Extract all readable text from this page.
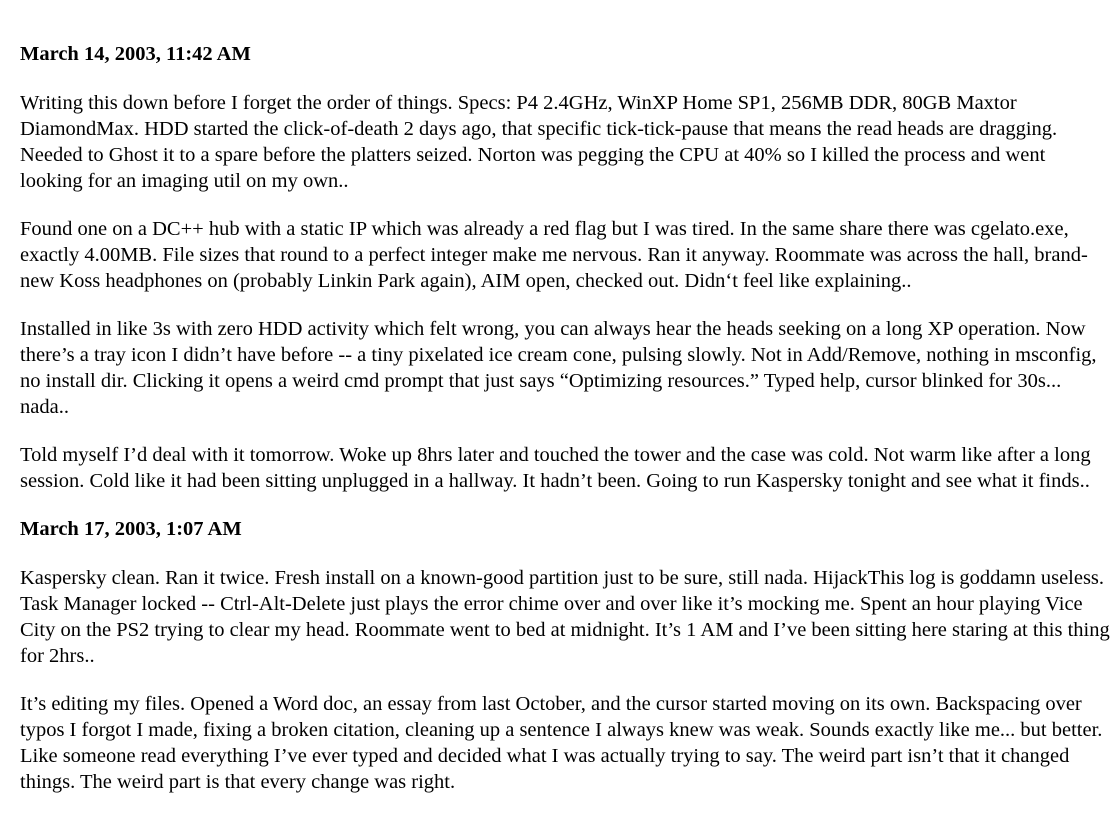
March 14, 2003, 11:42 AM

Writing this down before I forget the order of things. Specs: P4 2.4GHz, WinXP Home SP1, 256MB DDR, 80GB Maxtor DiamondMax. HDD started the click-of-death 2 days ago, that specific tick-tick-pause that means the read heads are dragging. Needed to Ghost it to a spare before the platters seized. Norton was pegging the CPU at 40% so I killed the process and went looking for an imaging util on my own..

Found one on a DC++ hub with a static IP which was already a red flag but I was tired. In the same share there was cgelato.exe, exactly 4.00MB. File sizes that round to a perfect integer make me nervous. Ran it anyway. Roommate was across the hall, brand-new Koss headphones on (probably Linkin Park again), AIM open, checked out. Didn‘t feel like explaining..

Installed in like 3s with zero HDD activity which felt wrong, you can always hear the heads seeking on a long XP operation. Now there’s a tray icon I didn’t have before -- a tiny pixelated ice cream cone, pulsing slowly. Not in Add/Remove, nothing in msconfig, no install dir. Clicking it opens a weird cmd prompt that just says “Optimizing resources.” Typed help, cursor blinked for 30s... nada..

Told myself I’d deal with it tomorrow. Woke up 8hrs later and touched the tower and the case was cold. Not warm like after a long session. Cold like it had been sitting unplugged in a hallway. It hadn’t been. Going to run Kaspersky tonight and see what it finds..

March 17, 2003, 1:07 AM

Kaspersky clean. Ran it twice. Fresh install on a known-good partition just to be sure, still nada. HijackThis log is goddamn useless. Task Manager locked -- Ctrl-Alt-Delete just plays the error chime over and over like it’s mocking me. Spent an hour playing Vice City on the PS2 trying to clear my head. Roommate went to bed at midnight. It’s 1 AM and I’ve been sitting here staring at this thing for 2hrs..

It’s editing my files. Opened a Word doc, an essay from last October, and the cursor started moving on its own. Backspacing over typos I forgot I made, fixing a broken citation, cleaning up a sentence I always knew was weak. Sounds exactly like me... but better. Like someone read everything I’ve ever typed and decided what I was actually trying to say. The weird part isn’t that it changed things. The weird part is that every change was right.
